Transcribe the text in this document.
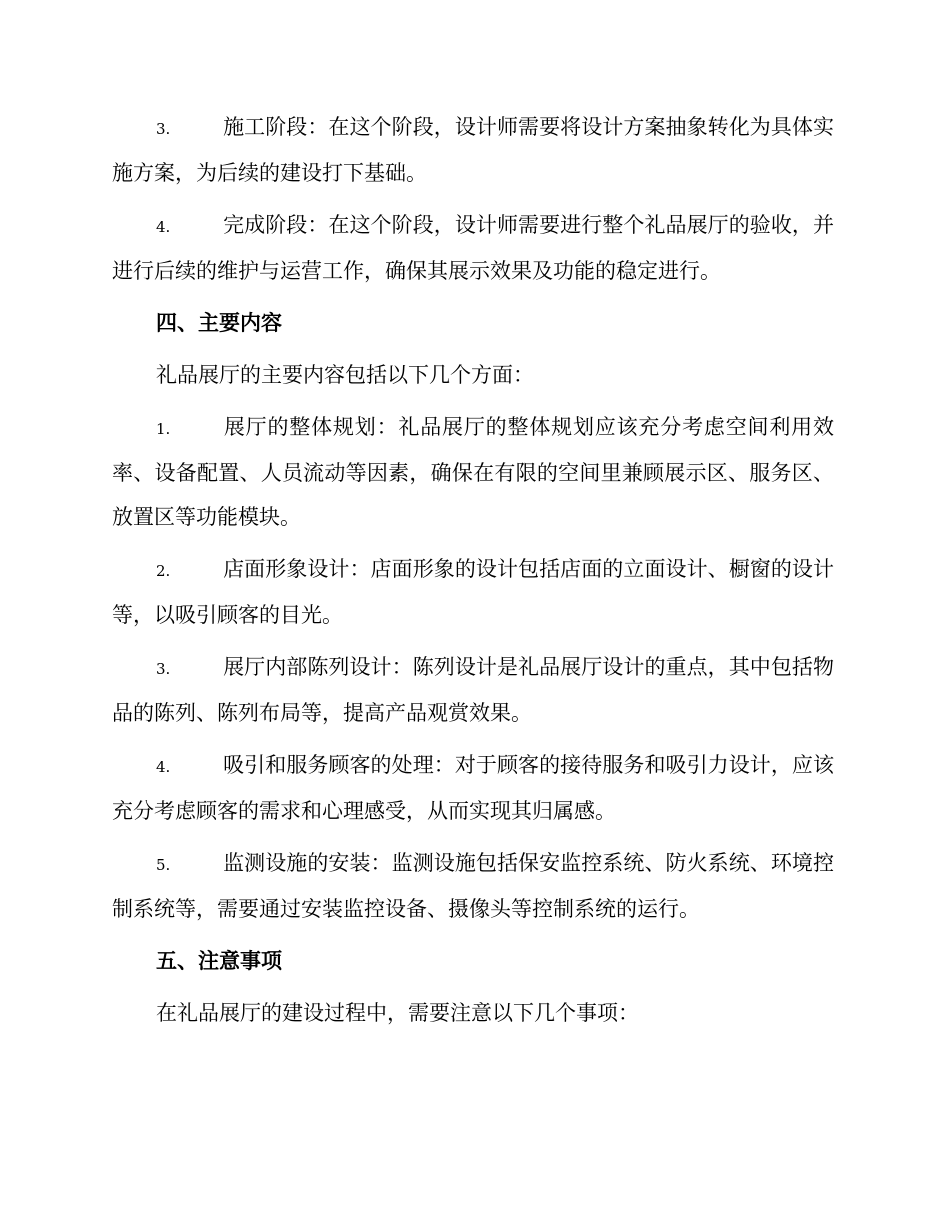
3.	施工阶段：在这个阶段，设计师需要将设计方案抽象转化为具体实施方案，为后续的建设打下基础。

4.	完成阶段：在这个阶段，设计师需要进行整个礼品展厅的验收，并进行后续的维护与运营工作，确保其展示效果及功能的稳定进行。

四、主要内容

礼品展厅的主要内容包括以下几个方面：

1.	展厅的整体规划：礼品展厅的整体规划应该充分考虑空间利用效率、设备配置、人员流动等因素，确保在有限的空间里兼顾展示区、服务区、放置区等功能模块。

2.	店面形象设计：店面形象的设计包括店面的立面设计、橱窗的设计等，以吸引顾客的目光。

3.	展厅内部陈列设计：陈列设计是礼品展厅设计的重点，其中包括物品的陈列、陈列布局等，提高产品观赏效果。

4.	吸引和服务顾客的处理：对于顾客的接待服务和吸引力设计，应该充分考虑顾客的需求和心理感受，从而实现其归属感。

5.	监测设施的安装：监测设施包括保安监控系统、防火系统、环境控制系统等，需要通过安装监控设备、摄像头等控制系统的运行。

五、注意事项

在礼品展厅的建设过程中，需要注意以下几个事项：
